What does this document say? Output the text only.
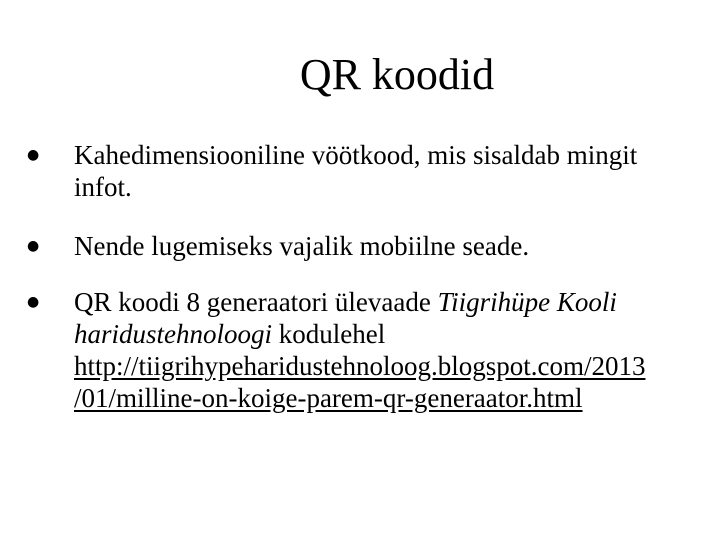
QR koodid
● Kahedimensiooniline vöötkood, mis sisaldab mingit
infot.
● Nende lugemiseks vajalik mobiilne seade.
● QR koodi 8 generaatori ülevaade Tiigrihüpe Kooli
haridustehnoloogi kodulehel
http://tiigrihypeharidustehnoloog.blogspot.com/2013
/01/milline-on-koige-parem-qr-generaator.html
